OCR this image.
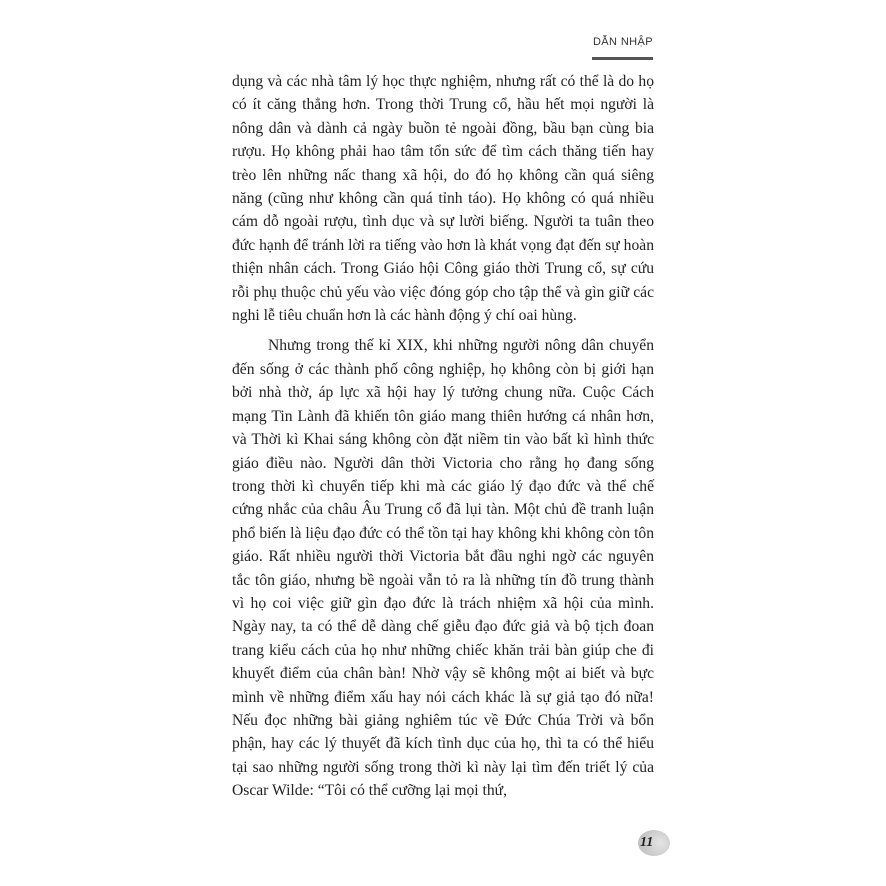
DẪN NHẬP

dụng và các nhà tâm lý học thực nghiệm, nhưng rất có thể là do họ có ít căng thẳng hơn. Trong thời Trung cổ, hầu hết mọi người là nông dân và dành cả ngày buồn tẻ ngoài đồng, bầu bạn cùng bia rượu. Họ không phải hao tâm tổn sức để tìm cách thăng tiến hay trèo lên những nấc thang xã hội, do đó họ không cần quá siêng năng (cũng như không cần quá tỉnh táo). Họ không có quá nhiều cám dỗ ngoài rượu, tình dục và sự lười biếng. Người ta tuân theo đức hạnh để tránh lời ra tiếng vào hơn là khát vọng đạt đến sự hoàn thiện nhân cách. Trong Giáo hội Công giáo thời Trung cổ, sự cứu rỗi phụ thuộc chủ yếu vào việc đóng góp cho tập thể và gìn giữ các nghi lễ tiêu chuẩn hơn là các hành động ý chí oai hùng.

Nhưng trong thế kỉ XIX, khi những người nông dân chuyển đến sống ở các thành phố công nghiệp, họ không còn bị giới hạn bởi nhà thờ, áp lực xã hội hay lý tưởng chung nữa. Cuộc Cách mạng Tin Lành đã khiến tôn giáo mang thiên hướng cá nhân hơn, và Thời kì Khai sáng không còn đặt niềm tin vào bất kì hình thức giáo điều nào. Người dân thời Victoria cho rằng họ đang sống trong thời kì chuyển tiếp khi mà các giáo lý đạo đức và thể chế cứng nhắc của châu Âu Trung cổ đã lụi tàn. Một chủ đề tranh luận phổ biến là liệu đạo đức có thể tồn tại hay không khi không còn tôn giáo. Rất nhiều người thời Victoria bắt đầu nghi ngờ các nguyên tắc tôn giáo, nhưng bề ngoài vẫn tỏ ra là những tín đồ trung thành vì họ coi việc giữ gìn đạo đức là trách nhiệm xã hội của mình. Ngày nay, ta có thể dễ dàng chế giễu đạo đức giả và bộ tịch đoan trang kiểu cách của họ như những chiếc khăn trải bàn giúp che đi khuyết điểm của chân bàn! Nhờ vậy sẽ không một ai biết và bực mình về những điểm xấu hay nói cách khác là sự giả tạo đó nữa! Nếu đọc những bài giảng nghiêm túc về Đức Chúa Trời và bổn phận, hay các lý thuyết đã kích tình dục của họ, thì ta có thể hiểu tại sao những người sống trong thời kì này lại tìm đến triết lý của Oscar Wilde: “Tôi có thể cưỡng lại mọi thứ,

11
